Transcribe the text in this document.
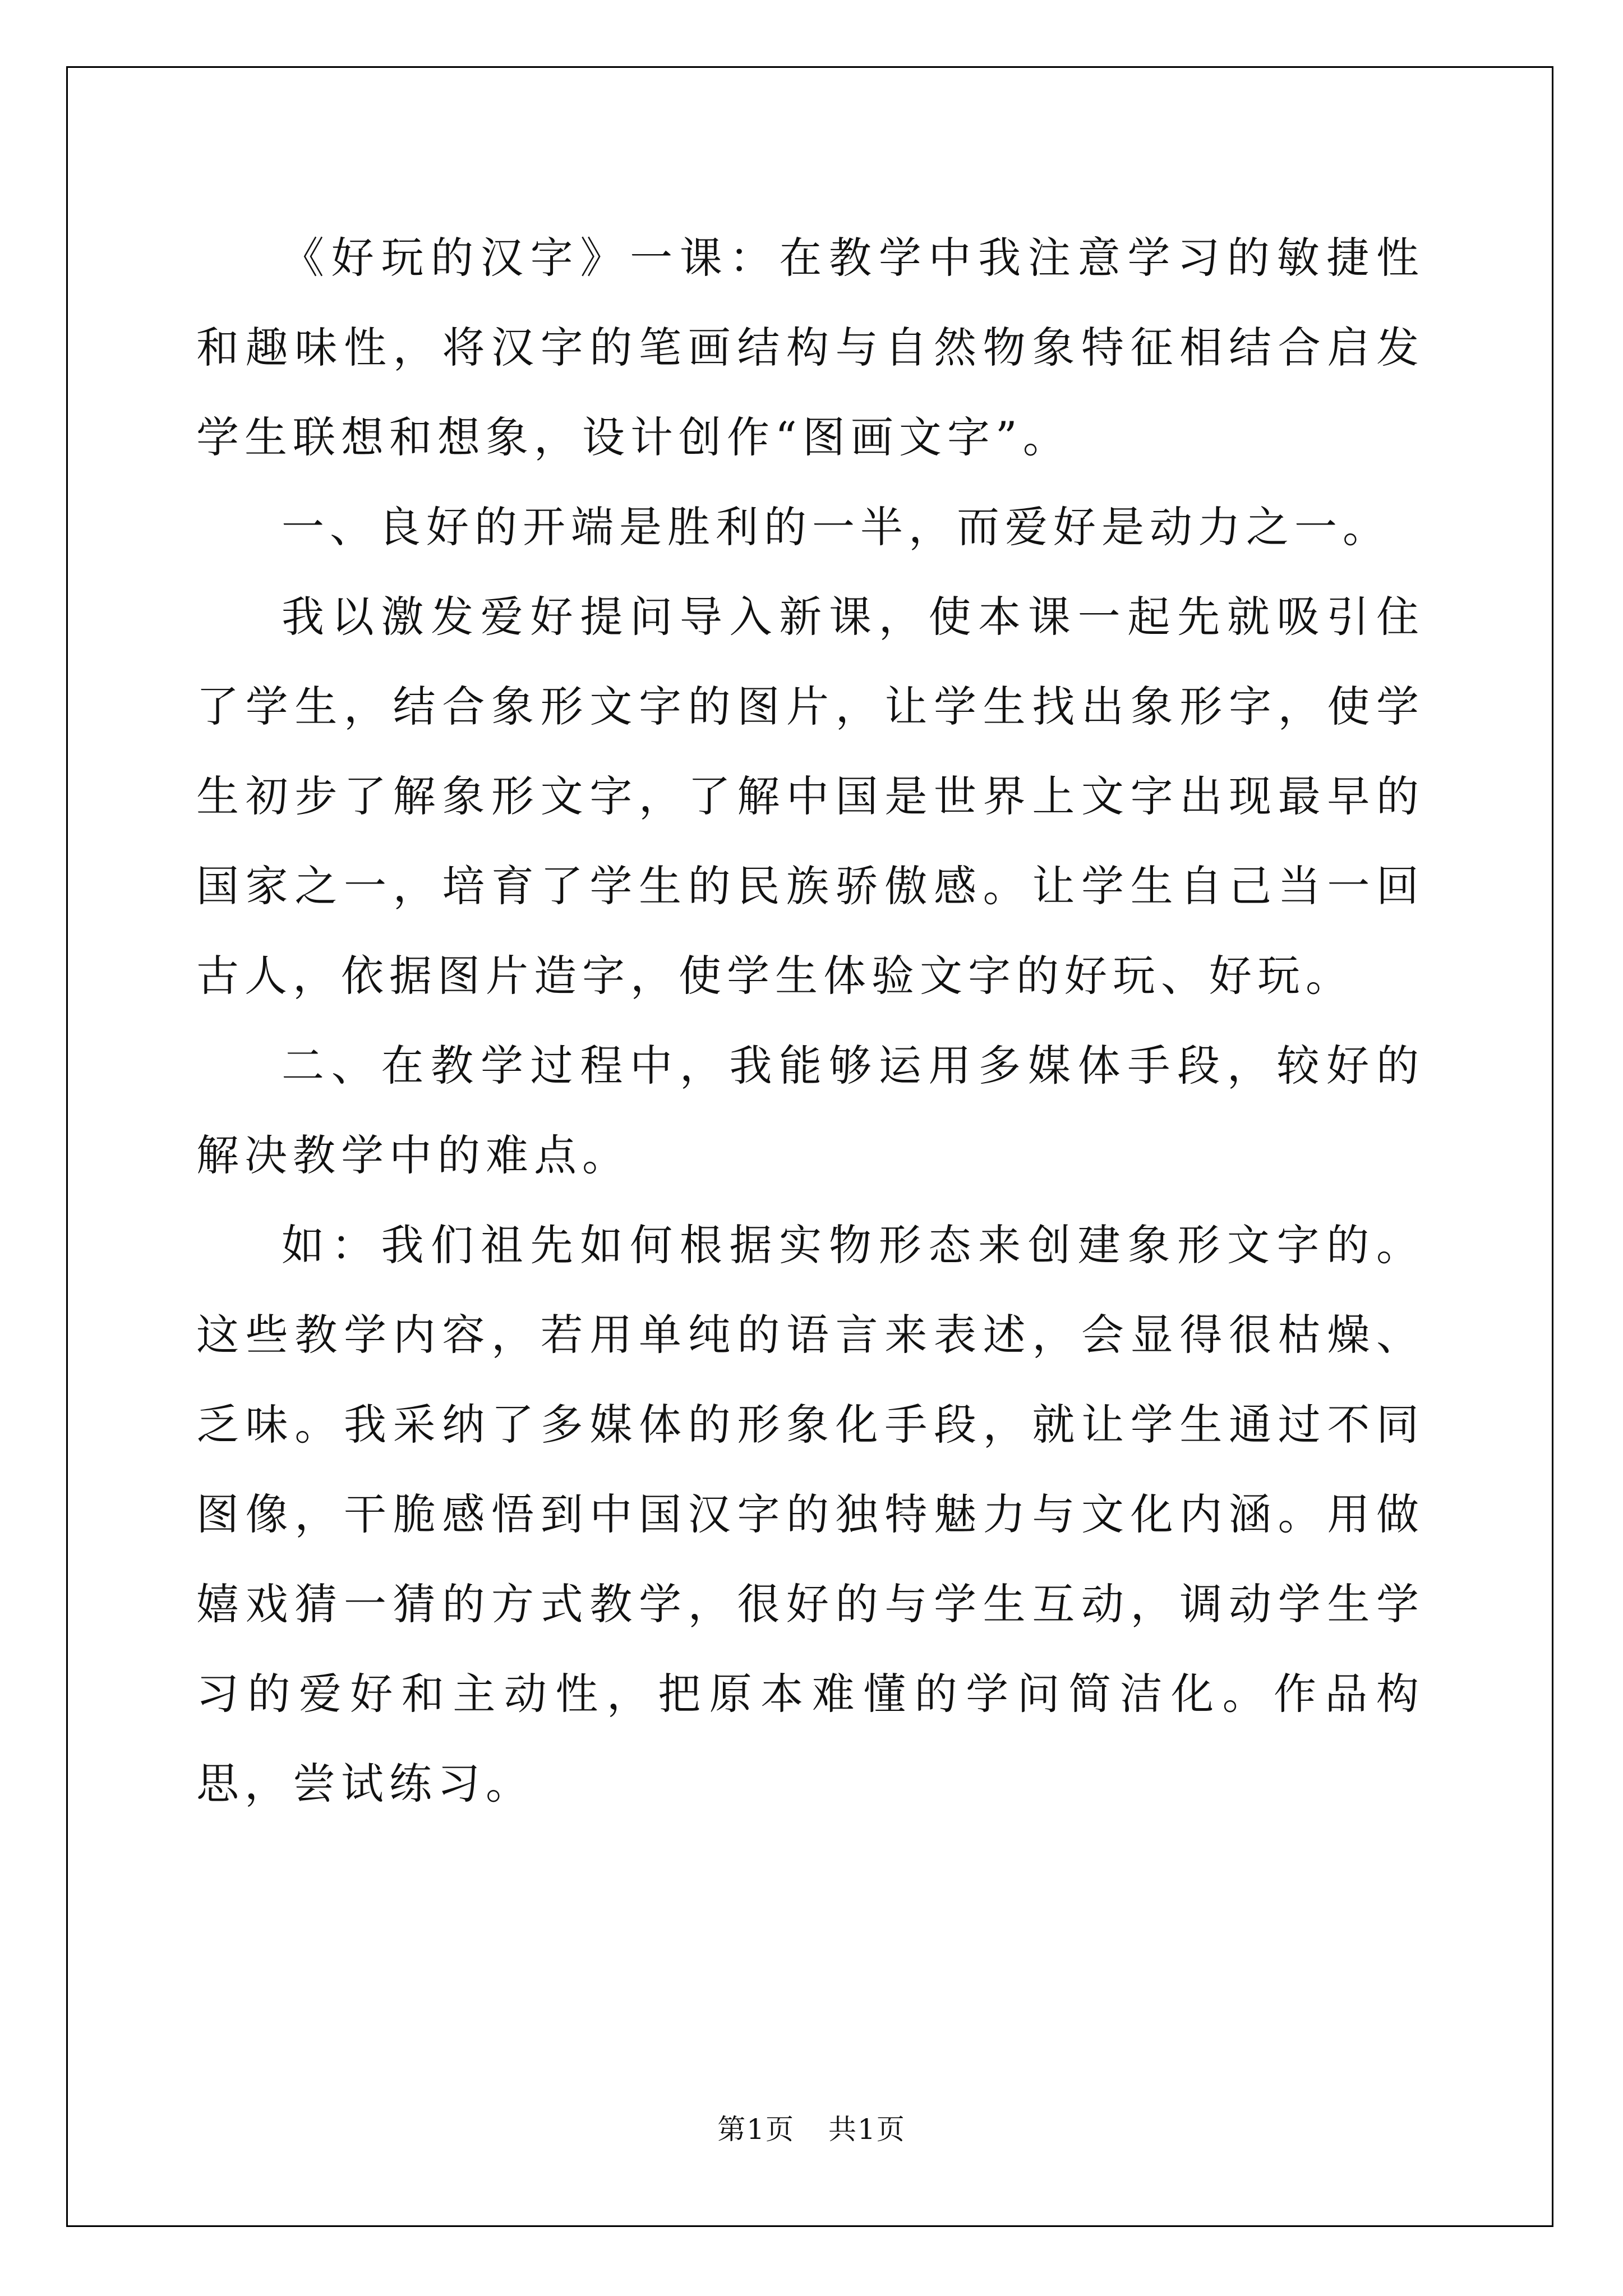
《好玩的汉字》一课：在教学中我注意学习的敏捷性和趣味性，将汉字的笔画结构与自然物象特征相结合启发学生联想和想象，设计创作“图画文字”。

一、良好的开端是胜利的一半，而爱好是动力之一。

我以激发爱好提问导入新课，使本课一起先就吸引住了学生，结合象形文字的图片，让学生找出象形字，使学生初步了解象形文字，了解中国是世界上文字出现最早的国家之一，培育了学生的民族骄傲感。让学生自己当一回古人，依据图片造字，使学生体验文字的好玩、好玩。

二、在教学过程中，我能够运用多媒体手段，较好的解决教学中的难点。

如：我们祖先如何根据实物形态来创建象形文字的。这些教学内容，若用单纯的语言来表述，会显得很枯燥、乏味。我采纳了多媒体的形象化手段，就让学生通过不同图像，干脆感悟到中国汉字的独特魅力与文化内涵。用做嬉戏猜一猜的方式教学，很好的与学生互动，调动学生学习的爱好和主动性，把原本难懂的学问简洁化。作品构思，尝试练习。

第1页 共1页
